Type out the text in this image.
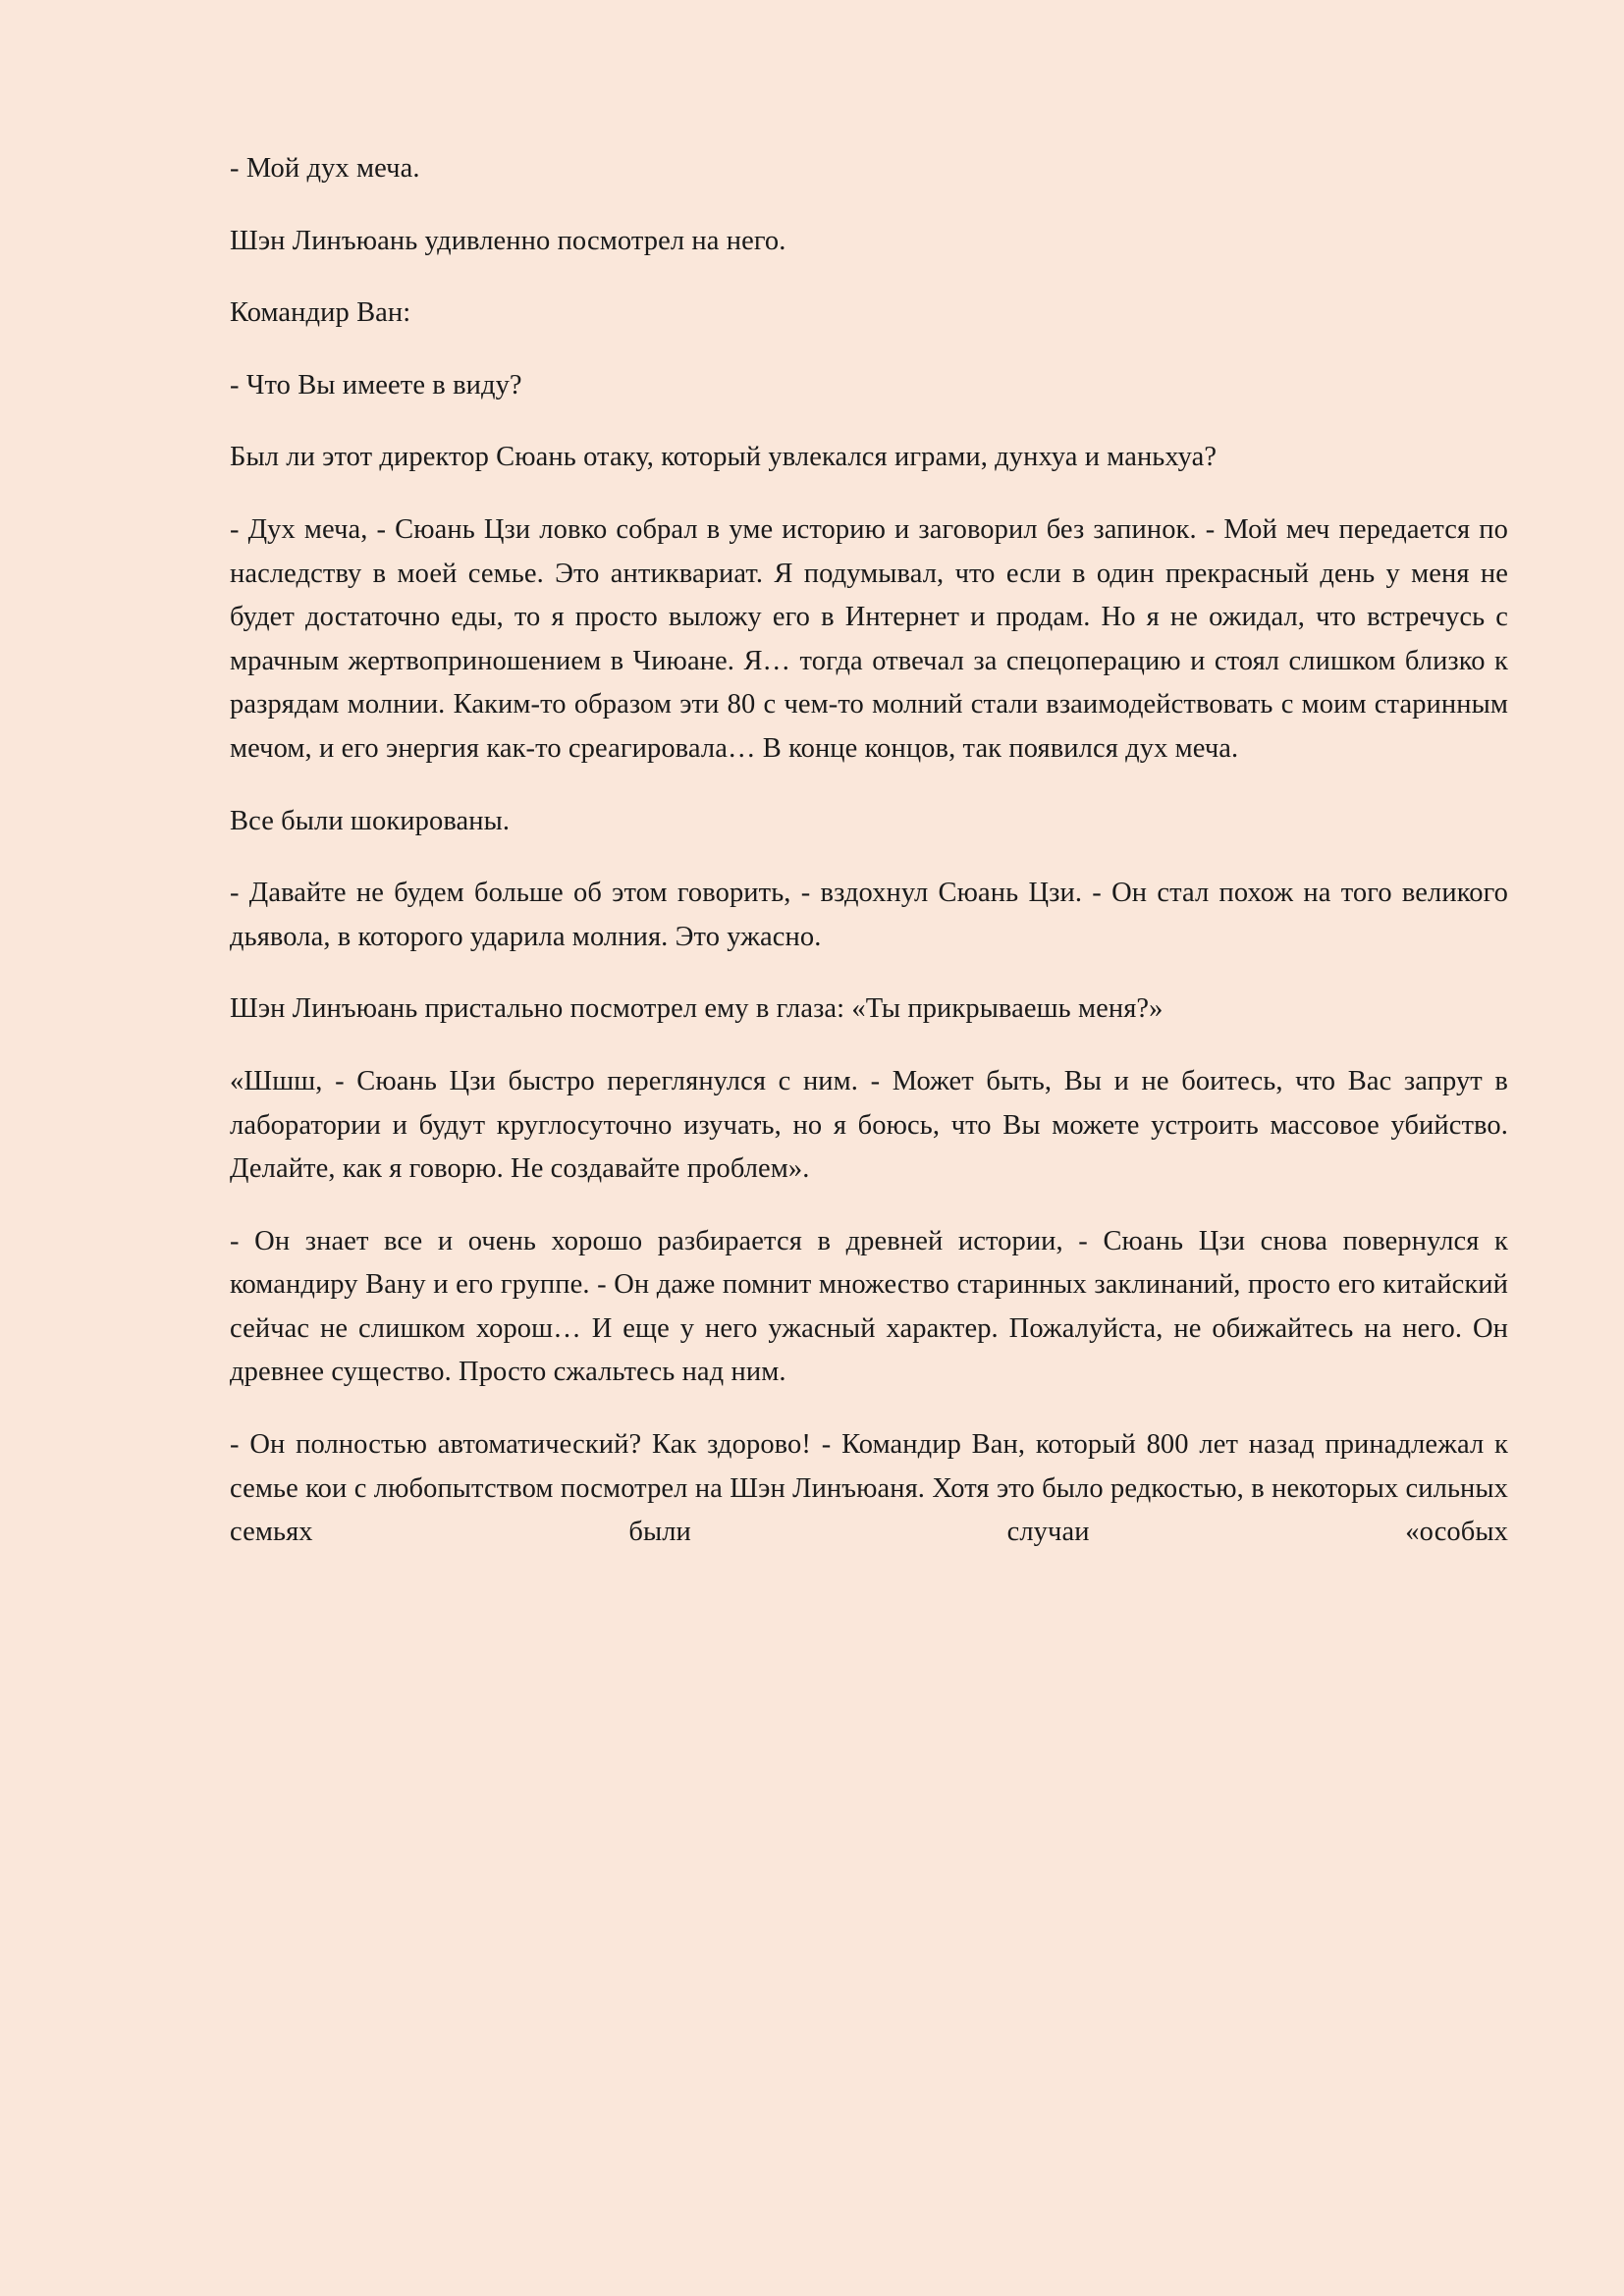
- Мой дух меча.

Шэн Линъюань удивленно посмотрел на него.

Командир Ван:

- Что Вы имеете в виду?

Был ли этот директор Сюань отаку, который увлекался играми, дунхуа и маньхуа?

- Дух меча, - Сюань Цзи ловко собрал в уме историю и заговорил без запинок. - Мой меч передается по наследству в моей семье. Это антиквариат. Я подумывал, что если в один прекрасный день у меня не будет достаточно еды, то я просто выложу его в Интернет и продам. Но я не ожидал, что встречусь с мрачным жертвоприношением в Чиюане. Я… тогда отвечал за спецоперацию и стоял слишком близко к разрядам молнии. Каким-то образом эти 80 с чем-то молний стали взаимодействовать с моим старинным мечом, и его энергия как-то среагировала… В конце концов, так появился дух меча.

Все были шокированы.

- Давайте не будем больше об этом говорить, - вздохнул Сюань Цзи. - Он стал похож на того великого дьявола, в которого ударила молния. Это ужасно.

Шэн Линъюань пристально посмотрел ему в глаза: «Ты прикрываешь меня?»

«Шшш, - Сюань Цзи быстро переглянулся с ним. - Может быть, Вы и не боитесь, что Вас запрут в лаборатории и будут круглосуточно изучать, но я боюсь, что Вы можете устроить массовое убийство. Делайте, как я говорю. Не создавайте проблем».

- Он знает все и очень хорошо разбирается в древней истории, - Сюань Цзи снова повернулся к командиру Вану и его группе. - Он даже помнит множество старинных заклинаний, просто его китайский сейчас не слишком хорош… И еще у него ужасный характер. Пожалуйста, не обижайтесь на него. Он древнее существо. Просто сжальтесь над ним.

- Он полностью автоматический? Как здорово! - Командир Ван, который 800 лет назад принадлежал к семье кои с любопытством посмотрел на Шэн Линъюаня. Хотя это было редкостью, в некоторых сильных семьях были случаи «особых
